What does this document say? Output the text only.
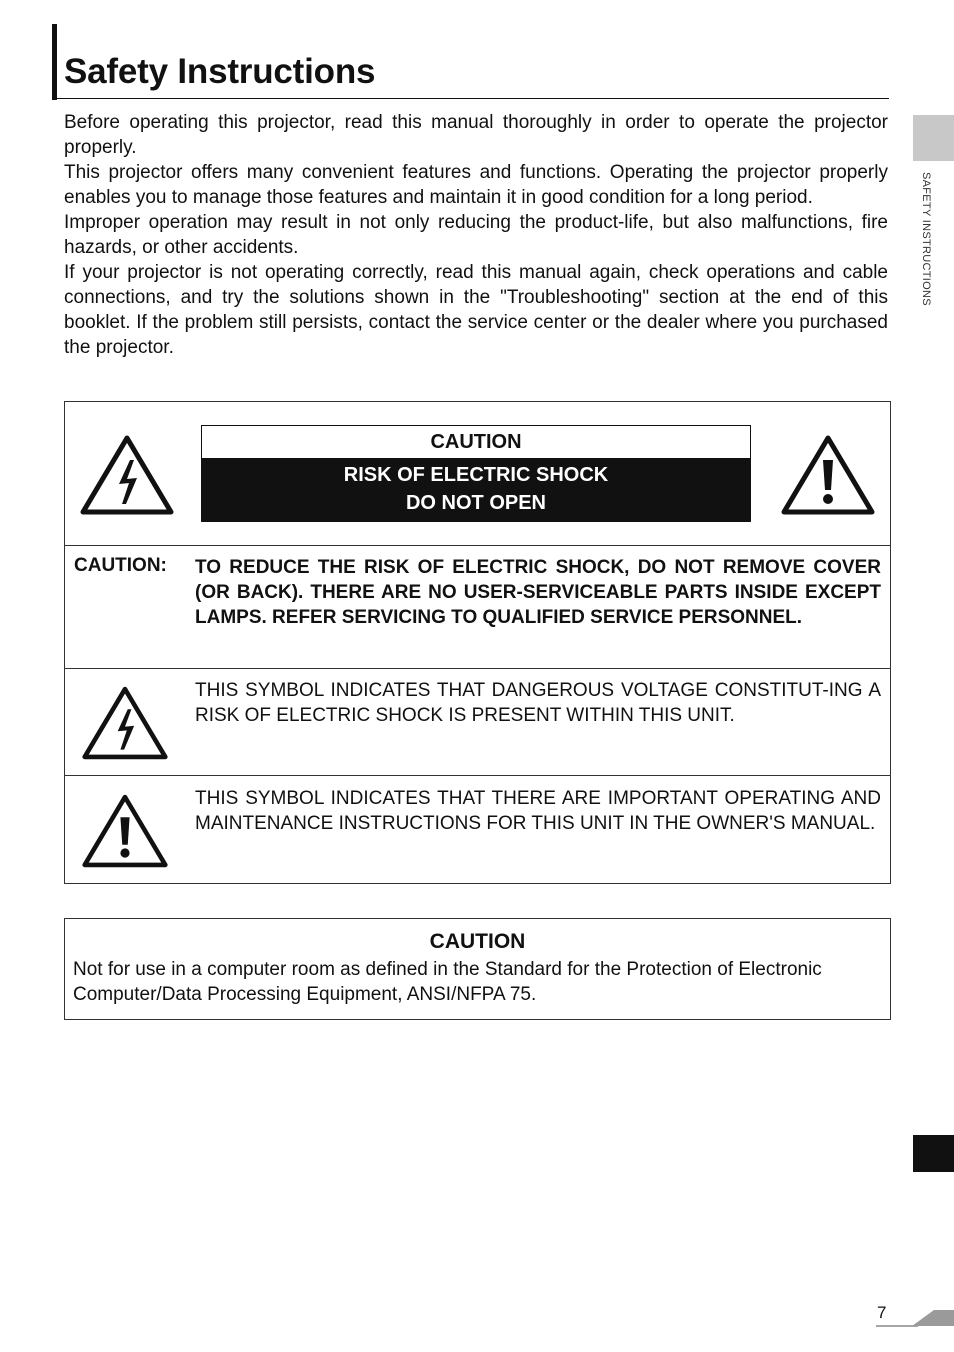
Safety Instructions

Before operating this projector, read this manual thoroughly in order to operate the projector properly.

This projector offers many convenient features and functions. Operating the projector properly enables you to manage those features and maintain it in good condition for a long period.

Improper operation may result in not only reducing the product-life, but also malfunctions, fire hazards, or other accidents.

If your projector is not operating correctly, read this manual again, check operations and cable connections, and try the solutions shown in the "Troubleshooting" section at the end of this booklet. If the problem still persists, contact the service center or the dealer where you purchased the projector.

SAFETY INSTRUCTIONS
CAUTION
RISK OF ELECTRIC SHOCK
DO NOT OPEN
CAUTION: TO REDUCE THE RISK OF ELECTRIC SHOCK, DO NOT REMOVE COVER (OR BACK). THERE ARE NO USER-SERVICEABLE PARTS INSIDE EXCEPT LAMPS. REFER SERVICING TO QUALIFIED SERVICE PERSONNEL.
THIS SYMBOL INDICATES THAT DANGEROUS VOLTAGE CONSTITUT-ING A RISK OF ELECTRIC SHOCK IS PRESENT WITHIN THIS UNIT.
THIS SYMBOL INDICATES THAT THERE ARE IMPORTANT OPERATING AND MAINTENANCE INSTRUCTIONS FOR THIS UNIT IN THE OWNER'S MANUAL.
CAUTION
Not for use in a computer room as defined in the Standard for the Protection of Electronic Computer/Data Processing Equipment, ANSI/NFPA 75.
7
